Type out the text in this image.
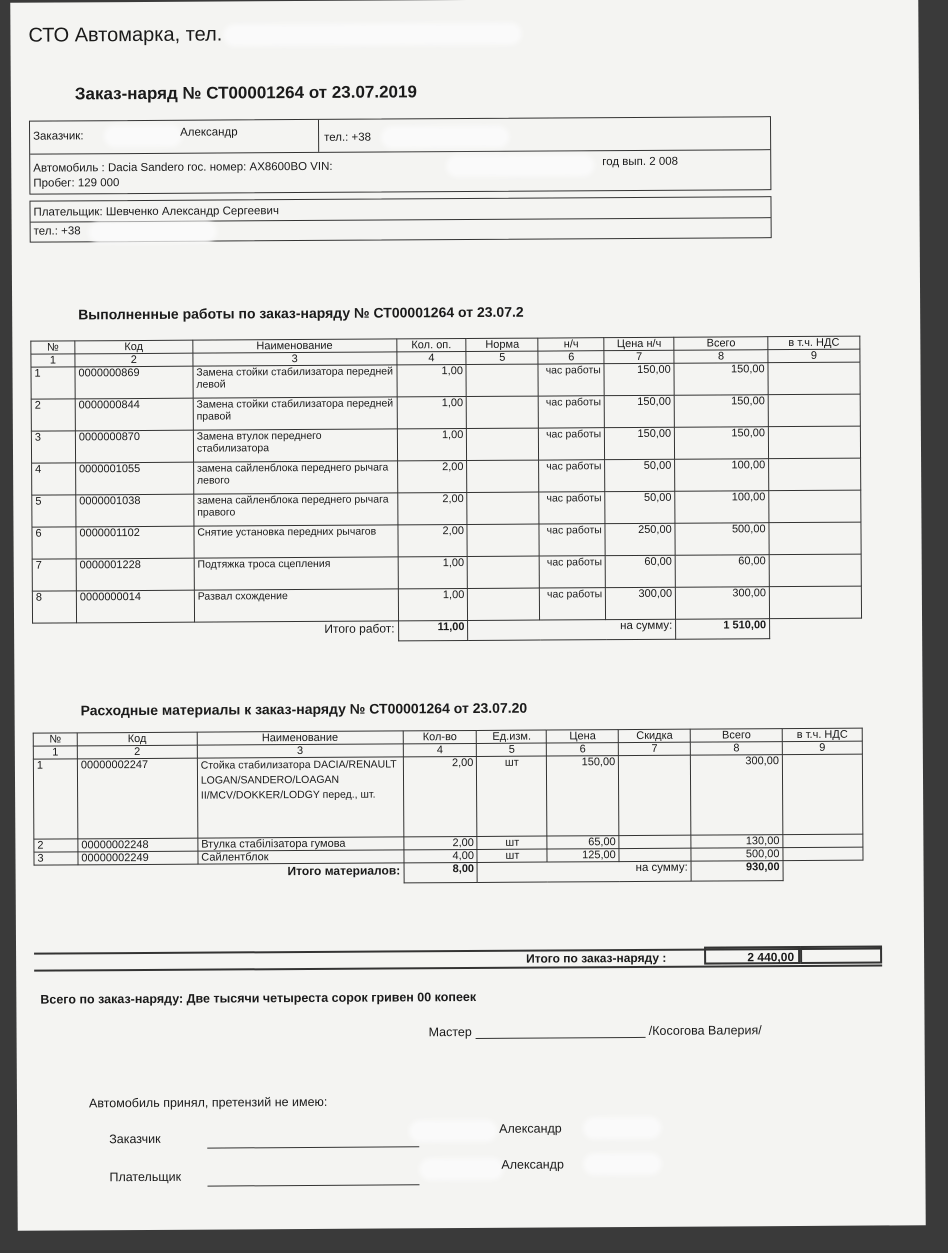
СТО Автомарка, тел.
Заказ-наряд № СТ00001264 от 23.07.2019
Заказчик:	Александр	тел.: +38
Автомобиль : Dacia Sandero гос. номер: AX8600BO VIN:	год вып. 2 008
Пробег: 129 000
Плательщик: Шевченко Александр Сергеевич
тел.: +38
Выполненные работы по заказ-наряду № СТ00001264 от 23.07.2
№	Код	Наименование	Кол. оп.	Норма	н/ч	Цена н/ч	Всего	в т.ч. НДС
1	2	3	4	5	6	7	8	9
1	0000000869	Замена стойки стабилизатора передней левой	1,00		час работы	150,00	150,00	
2	0000000844	Замена стойки стабилизатора передней правой	1,00		час работы	150,00	150,00	
3	0000000870	Замена втулок переднего стабилизатора	1,00		час работы	150,00	150,00	
4	0000001055	замена сайленблока переднего рычага левого	2,00		час работы	50,00	100,00	
5	0000001038	замена сайленблока переднего рычага правого	2,00		час работы	50,00	100,00	
6	0000001102	Снятие установка передних рычагов	2,00		час работы	250,00	500,00	
7	0000001228	Подтяжка троса сцепления	1,00		час работы	60,00	60,00	
8	0000000014	Развал схождение	1,00		час работы	300,00	300,00	
Итого работ:			11,00	на сумму:			1 510,00	
Расходные материалы к заказ-наряду № СТ00001264 от 23.07.20
№	Код	Наименование	Кол-во	Ед.изм.	Цена	Скидка	Всего	в т.ч. НДС
1	2	3	4	5	6	7	8	9
1	00000002247	Стойка стабилизатора DACIA/RENAULT LOGAN/SANDERO/LOAGAN II/MCV/DOKKER/LODGY перед., шт.	2,00	шт	150,00		300,00	
2	00000002248	Втулка стабілізатора гумова	2,00	шт	65,00		130,00	
3	00000002249	Сайлентблок	4,00	шт	125,00		500,00	
Итого материалов:			8,00	на сумму:			930,00	
Итого по заказ-наряду :	2 440,00
Всего по заказ-наряду: Две тысячи четыреста сорок гривен 00 копеек
Мастер	/Косогова Валерия/
Автомобиль принял, претензий не имею:
Заказчик
Александр
Плательщик
Александр
